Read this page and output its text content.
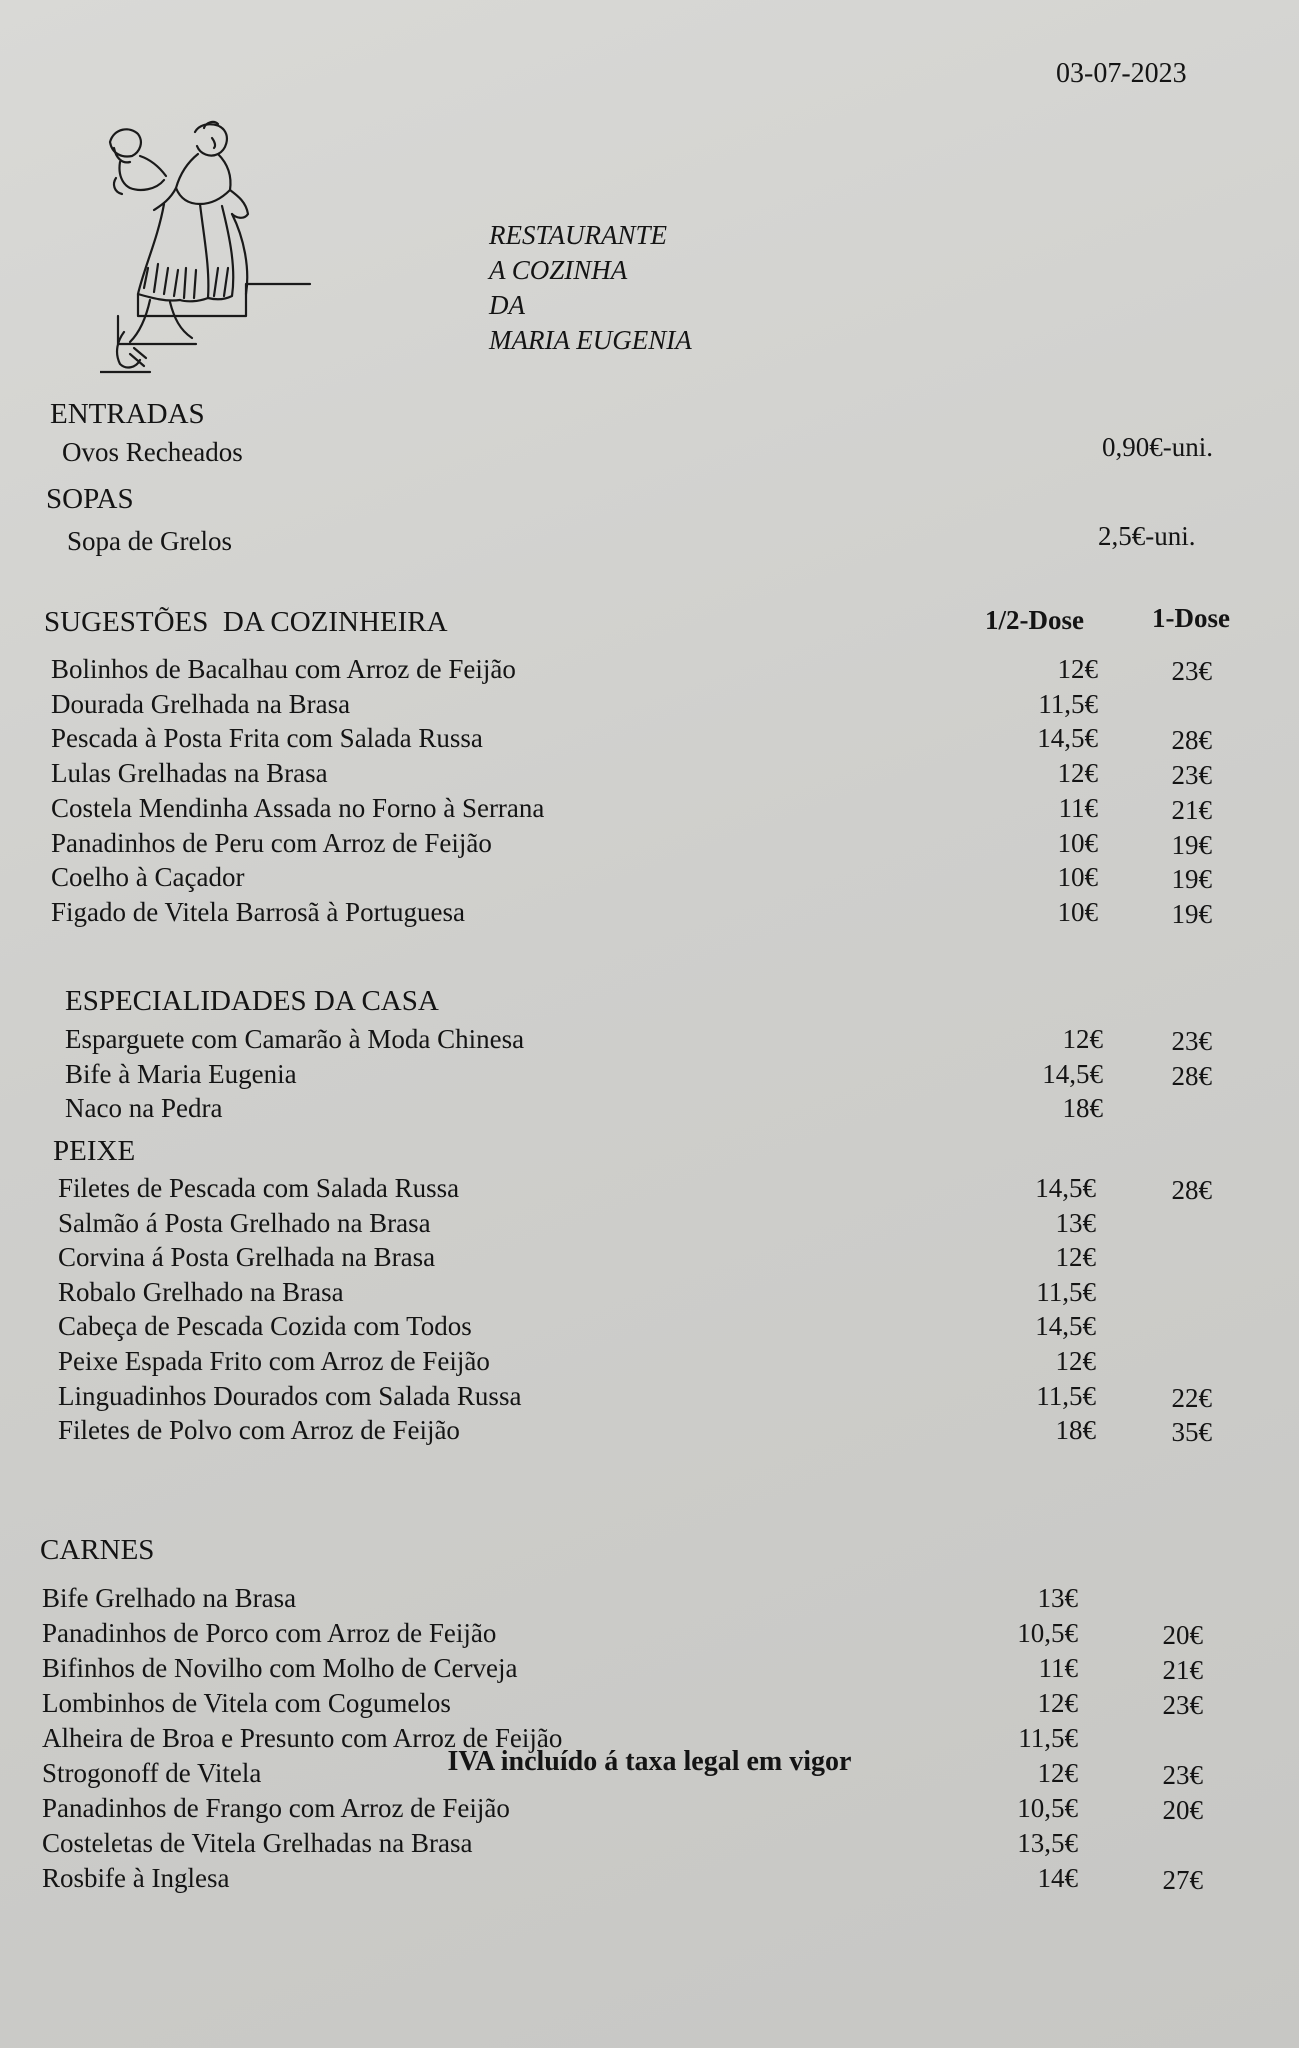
03-07-2023
RESTAURANTE
A COZINHA
DA
MARIA EUGENIA
ENTRADAS
Ovos Recheados	0,90€-uni.
SOPAS
Sopa de Grelos	2,5€-uni.
SUGESTÕES  DA COZINHEIRA	1/2-Dose	1-Dose
Bolinhos de Bacalhau com Arroz de Feijão	12€	23€
Dourada Grelhada na Brasa	11,5€
Pescada à Posta Frita com Salada Russa	14,5€	28€
Lulas Grelhadas na Brasa	12€	23€
Costela Mendinha Assada no Forno à Serrana	11€	21€
Panadinhos de Peru com Arroz de Feijão	10€	19€
Coelho à Caçador	10€	19€
Figado de Vitela Barrosã à Portuguesa	10€	19€
ESPECIALIDADES DA CASA
Esparguete com Camarão à Moda Chinesa	12€	23€
Bife à Maria Eugenia	14,5€	28€
Naco na Pedra	18€
PEIXE
Filetes de Pescada com Salada Russa	14,5€	28€
Salmão á Posta Grelhado na Brasa	13€
Corvina á Posta Grelhada na Brasa	12€
Robalo Grelhado na Brasa	11,5€
Cabeça de Pescada Cozida com Todos	14,5€
Peixe Espada Frito com Arroz de Feijão	12€
Linguadinhos Dourados com Salada Russa	11,5€	22€
Filetes de Polvo com Arroz de Feijão	18€	35€
CARNES
Bife Grelhado na Brasa	13€
Panadinhos de Porco com Arroz de Feijão	10,5€	20€
Bifinhos de Novilho com Molho de Cerveja	11€	21€
Lombinhos de Vitela com Cogumelos	12€	23€
Alheira de Broa e Presunto com Arroz de Feijão	11,5€
Strogonoff de Vitela	12€	23€
Panadinhos de Frango com Arroz de Feijão	10,5€	20€
Costeletas de Vitela Grelhadas na Brasa	13,5€
Rosbife à Inglesa	14€	27€
IVA incluído á taxa legal em vigor
